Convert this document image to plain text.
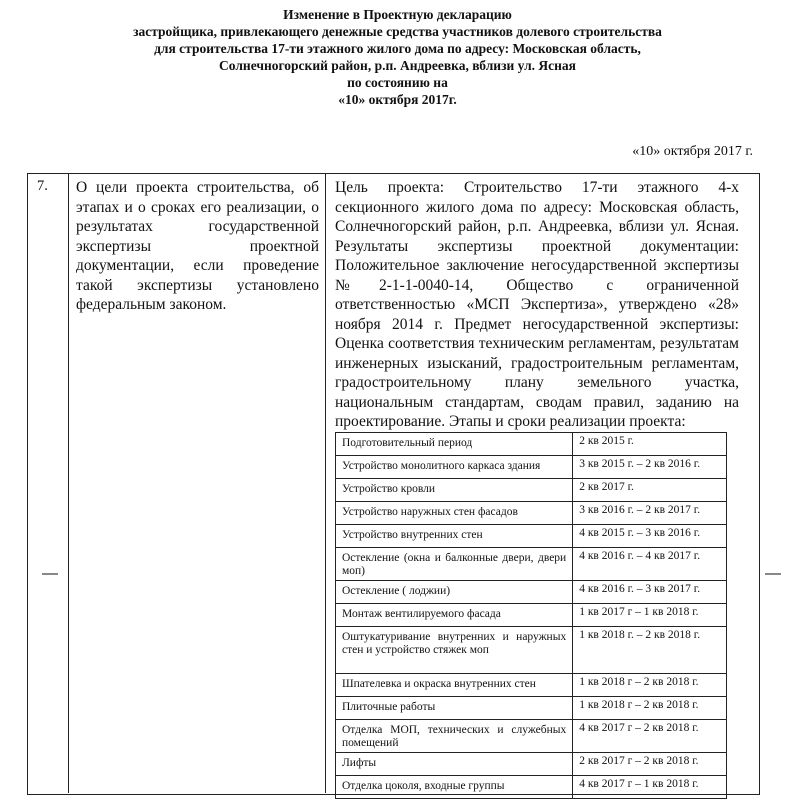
Изменение в Проектную декларацию
застройщика, привлекающего денежные средства участников долевого строительства
для строительства 17-ти этажного жилого дома по адресу: Московская область,
Солнечногорский район, р.п. Андреевка, вблизи ул. Ясная
по состоянию на
«10» октября 2017г.
«10» октября 2017 г.
7. О цели проекта строительства, об этапах и о сроках его реализации, о результатах государственной экспертизы проектной документации, если проведение такой экспертизы установлено федеральным законом.
Цель проекта: Строительство 17-ти этажного 4-х секционного жилого дома по адресу: Московская область, Солнечногорский район, р.п. Андреевка, вблизи ул. Ясная. Результаты экспертизы проектной документации: Положительное заключение негосударственной экспертизы №2-1-1-0040-14, Общество с ограниченной ответственностью «МСП Экспертиза», утверждено «28» ноября 2014 г. Предмет негосударственной экспертизы: Оценка соответствия техническим регламентам, результатам инженерных изысканий, градостроительным регламентам, градостроительному плану земельного участка, национальным стандартам, сводам правил, заданию на проектирование. Этапы и сроки реализации проекта:
Подготовительный период	2 кв 2015 г.
Устройство монолитного каркаса здания	3 кв 2015 г. – 2 кв 2016 г.
Устройство кровли	2 кв 2017 г.
Устройство наружных стен фасадов	3 кв 2016 г. – 2 кв 2017 г.
Устройство внутренних стен	4 кв 2015 г. – 3 кв 2016 г.
Остекление (окна и балконные двери, двери моп)	4 кв 2016 г. – 4 кв 2017 г.
Остекление ( лоджии)	4 кв 2016 г. – 3 кв 2017 г.
Монтаж вентилируемого фасада	1 кв 2017 г – 1 кв 2018 г.
Оштукатуривание внутренних и наружных стен и устройство стяжек моп	1 кв 2018 г. – 2 кв 2018 г.
Шпателевка и окраска внутренних стен	1 кв 2018 г – 2 кв 2018 г.
Плиточные работы	1 кв 2018 г – 2 кв 2018 г.
Отделка МОП, технических и служебных помещений	4 кв 2017 г – 2 кв 2018 г.
Лифты	2 кв 2017 г – 2 кв 2018 г.
Отделка цоколя, входные группы	4 кв 2017 г – 1 кв 2018 г.
